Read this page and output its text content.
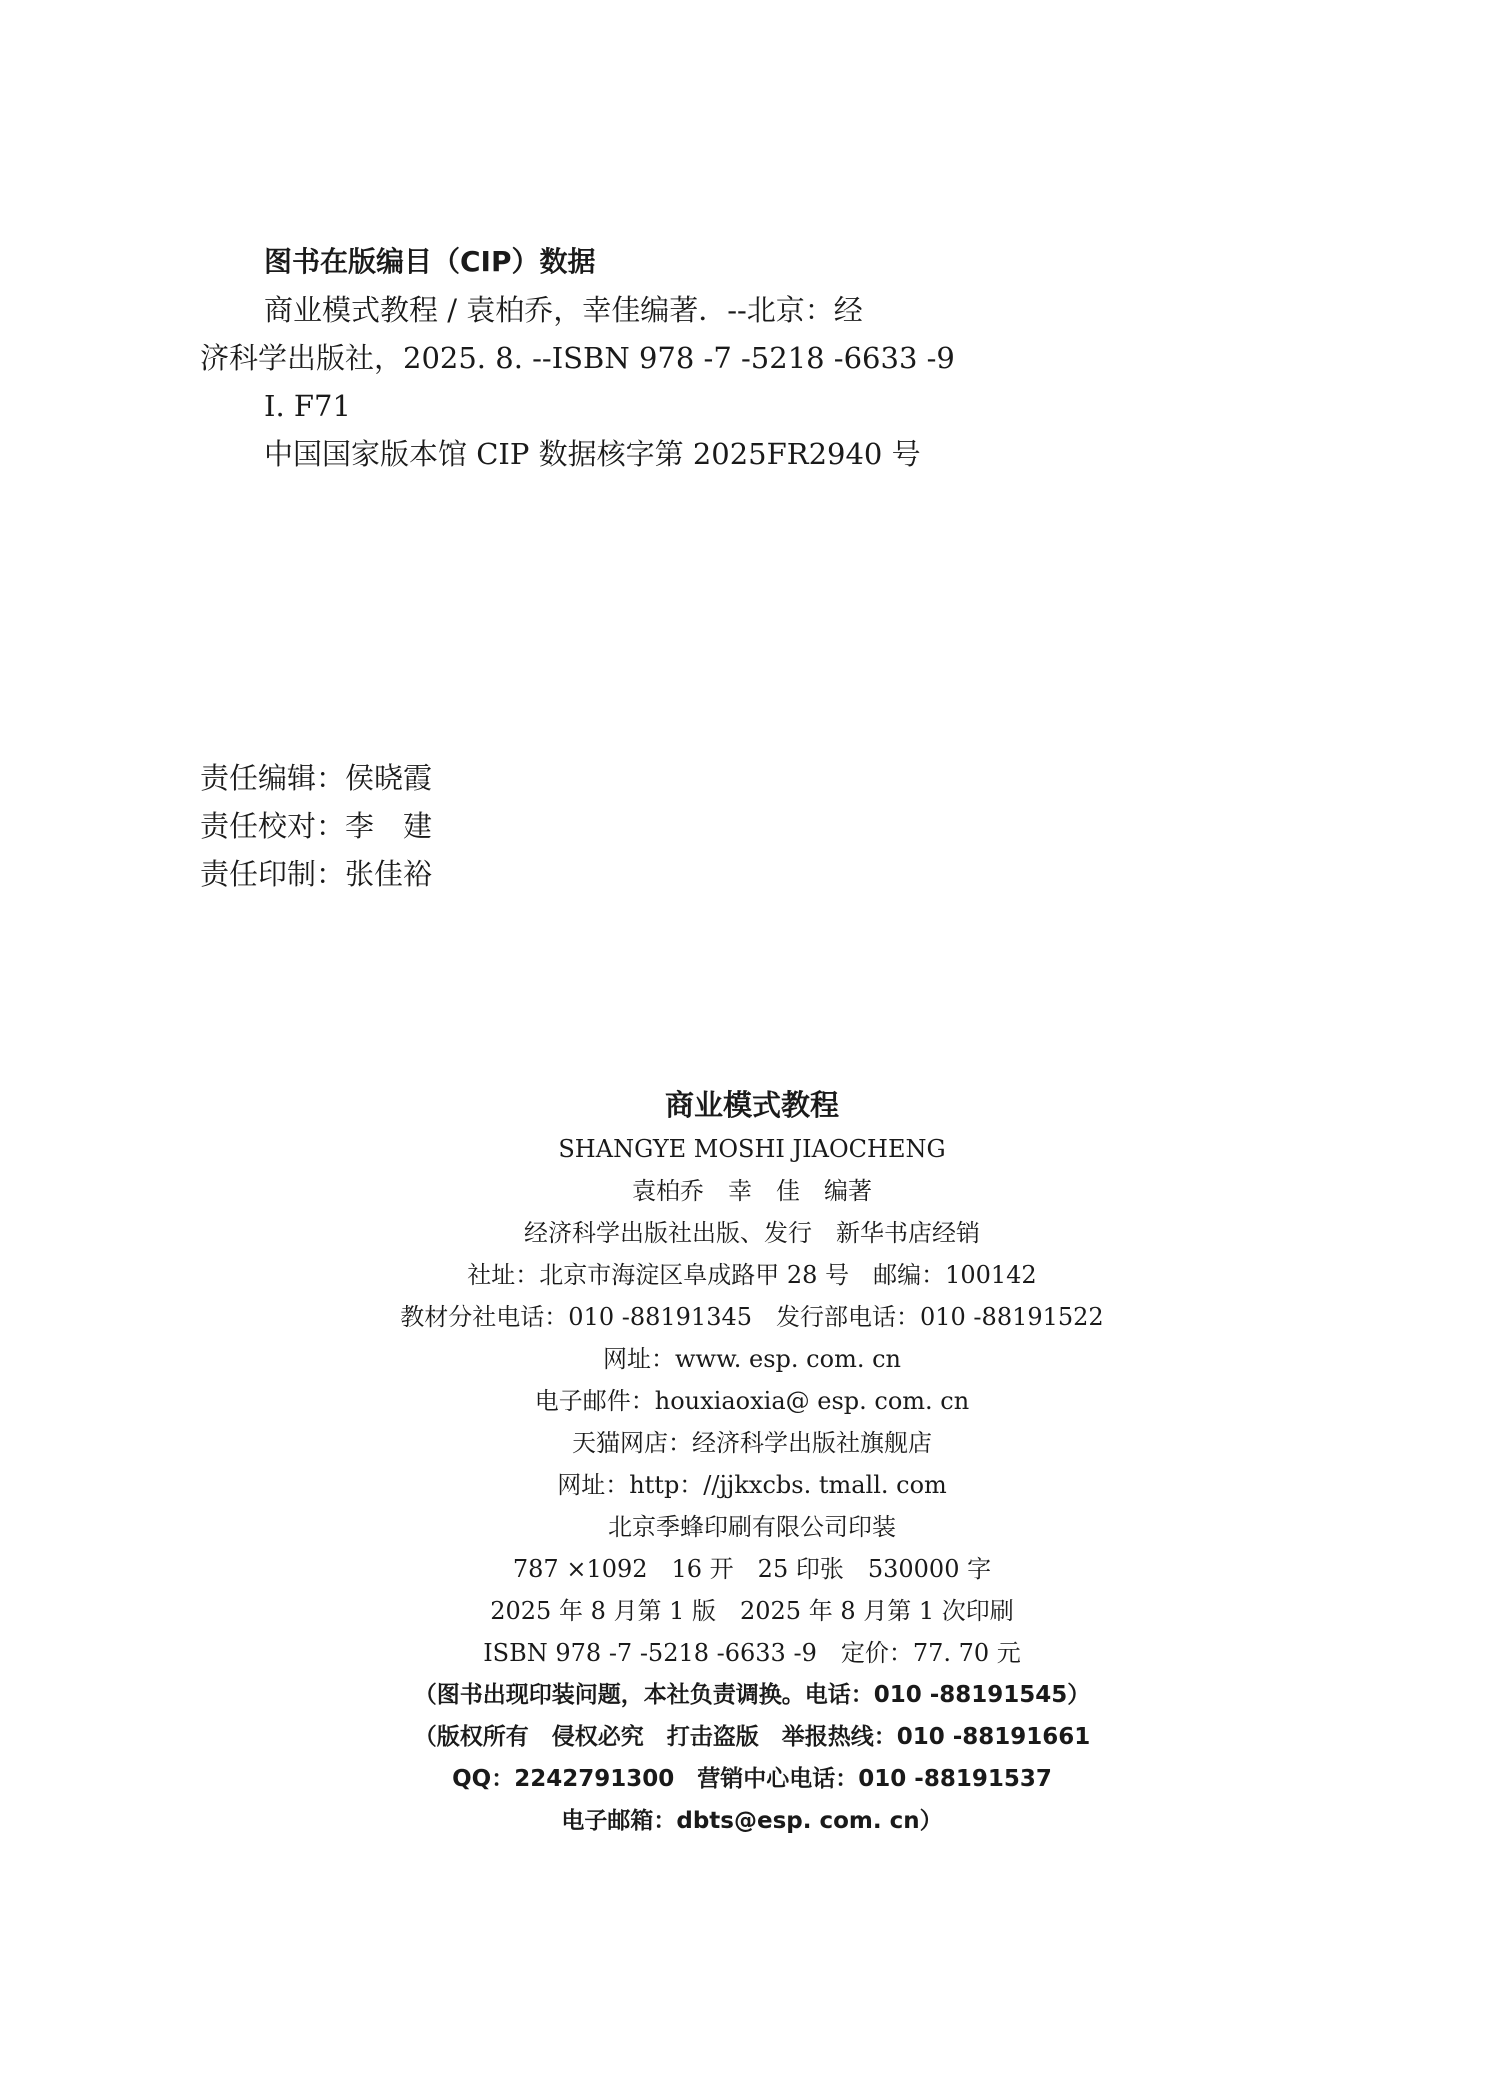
图书在版编目（CIP）数据
商业模式教程 / 袁柏乔，幸佳编著．--北京：经
济科学出版社，2025. 8. --ISBN 978 -7 -5218 -6633 -9
Ⅰ. F71
中国国家版本馆 CIP 数据核字第 2025FR2940 号
责任编辑：侯晓霞
责任校对：李　建
责任印制：张佳裕
商业模式教程
SHANGYE MOSHI JIAOCHENG
袁柏乔　幸　佳　编著
经济科学出版社出版、发行　新华书店经销
社址：北京市海淀区阜成路甲 28 号　邮编：100142
教材分社电话：010 -88191345　发行部电话：010 -88191522
网址：www. esp. com. cn
电子邮件：houxiaoxia@ esp. com. cn
天猫网店：经济科学出版社旗舰店
网址：http：//jjkxcbs. tmall. com
北京季蜂印刷有限公司印装
787 ×1092　16 开　25 印张　530000 字
2025 年 8 月第 1 版　2025 年 8 月第 1 次印刷
ISBN 978 -7 -5218 -6633 -9　定价：77. 70 元
（图书出现印装问题，本社负责调换。电话：010 -88191545）
（版权所有　侵权必究　打击盗版　举报热线：010 -88191661
QQ：2242791300　营销中心电话：010 -88191537
电子邮箱：dbts@esp. com. cn）
